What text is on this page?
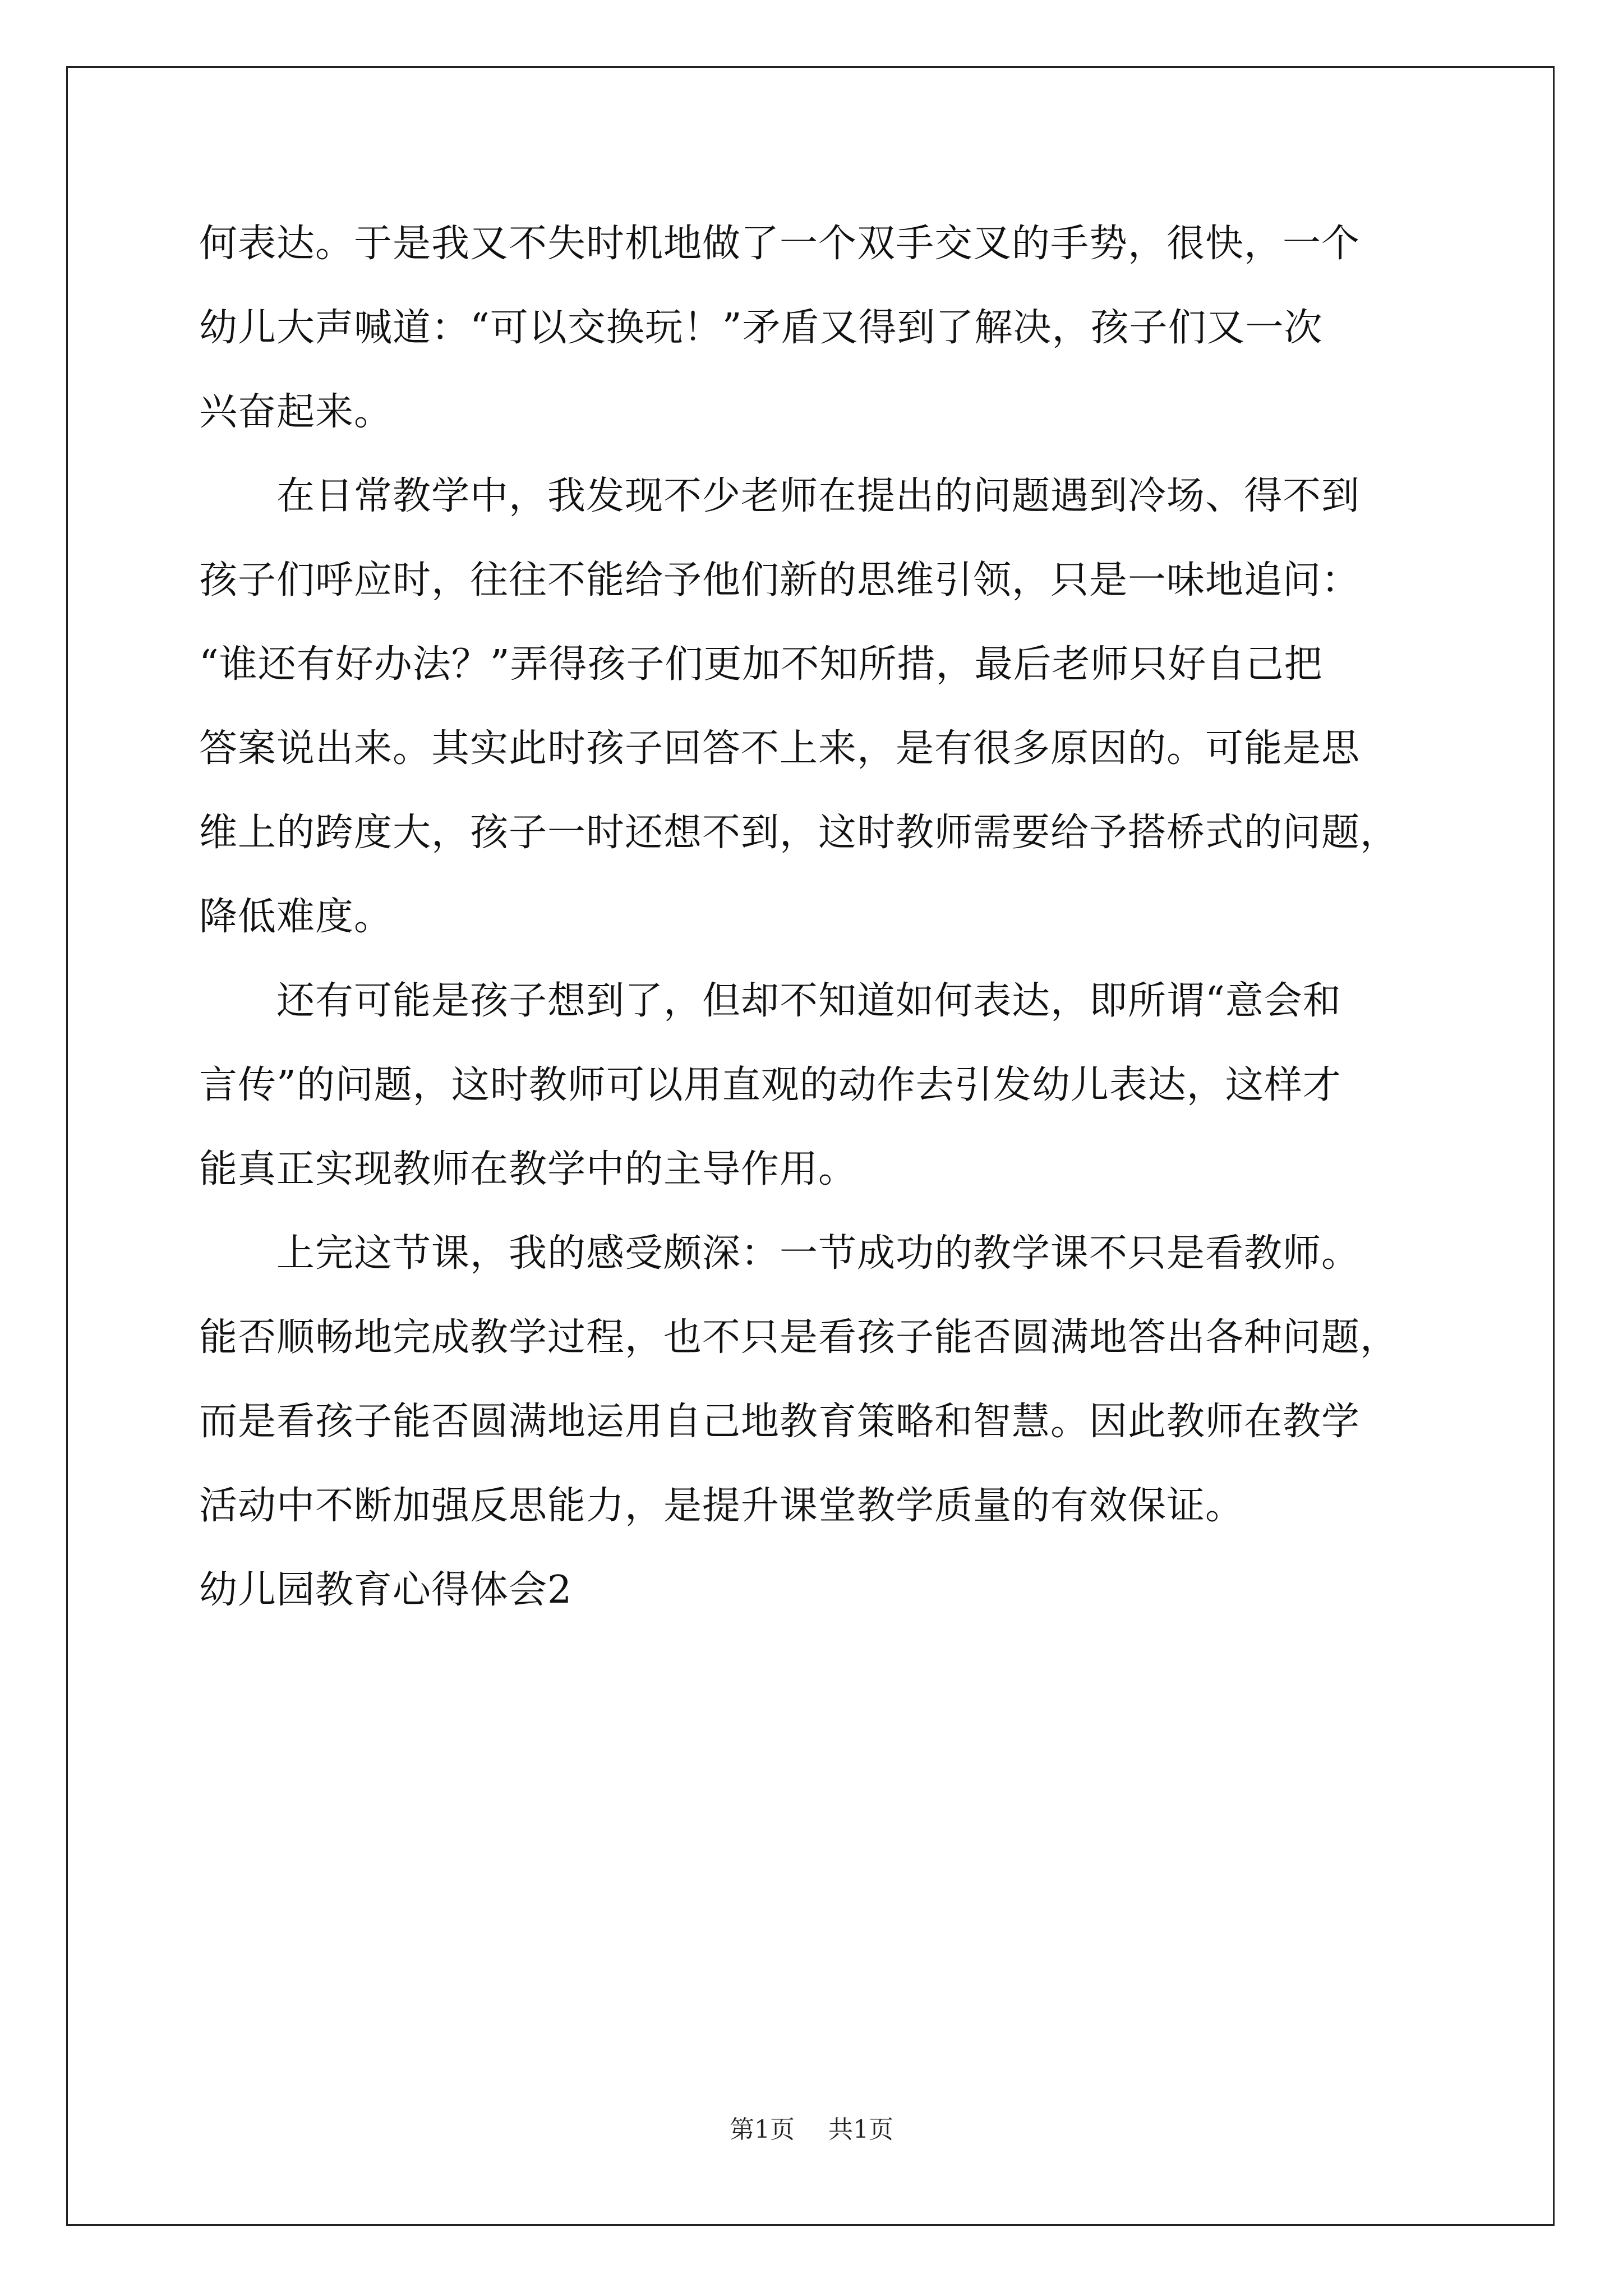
何表达。于是我又不失时机地做了一个双手交叉的手势，很快，一个
幼儿大声喊道：“可以交换玩！”矛盾又得到了解决，孩子们又一次
兴奋起来。
　　在日常教学中，我发现不少老师在提出的问题遇到冷场、得不到
孩子们呼应时，往往不能给予他们新的思维引领，只是一味地追问：
“谁还有好办法？”弄得孩子们更加不知所措，最后老师只好自己把
答案说出来。其实此时孩子回答不上来，是有很多原因的。可能是思
维上的跨度大，孩子一时还想不到，这时教师需要给予搭桥式的问题，
降低难度。
　　还有可能是孩子想到了，但却不知道如何表达，即所谓“意会和
言传”的问题，这时教师可以用直观的动作去引发幼儿表达，这样才
能真正实现教师在教学中的主导作用。
　　上完这节课，我的感受颇深：一节成功的教学课不只是看教师。
能否顺畅地完成教学过程，也不只是看孩子能否圆满地答出各种问题，
而是看孩子能否圆满地运用自己地教育策略和智慧。因此教师在教学
活动中不断加强反思能力，是提升课堂教学质量的有效保证。
幼儿园教育心得体会2
第1页 共1页
